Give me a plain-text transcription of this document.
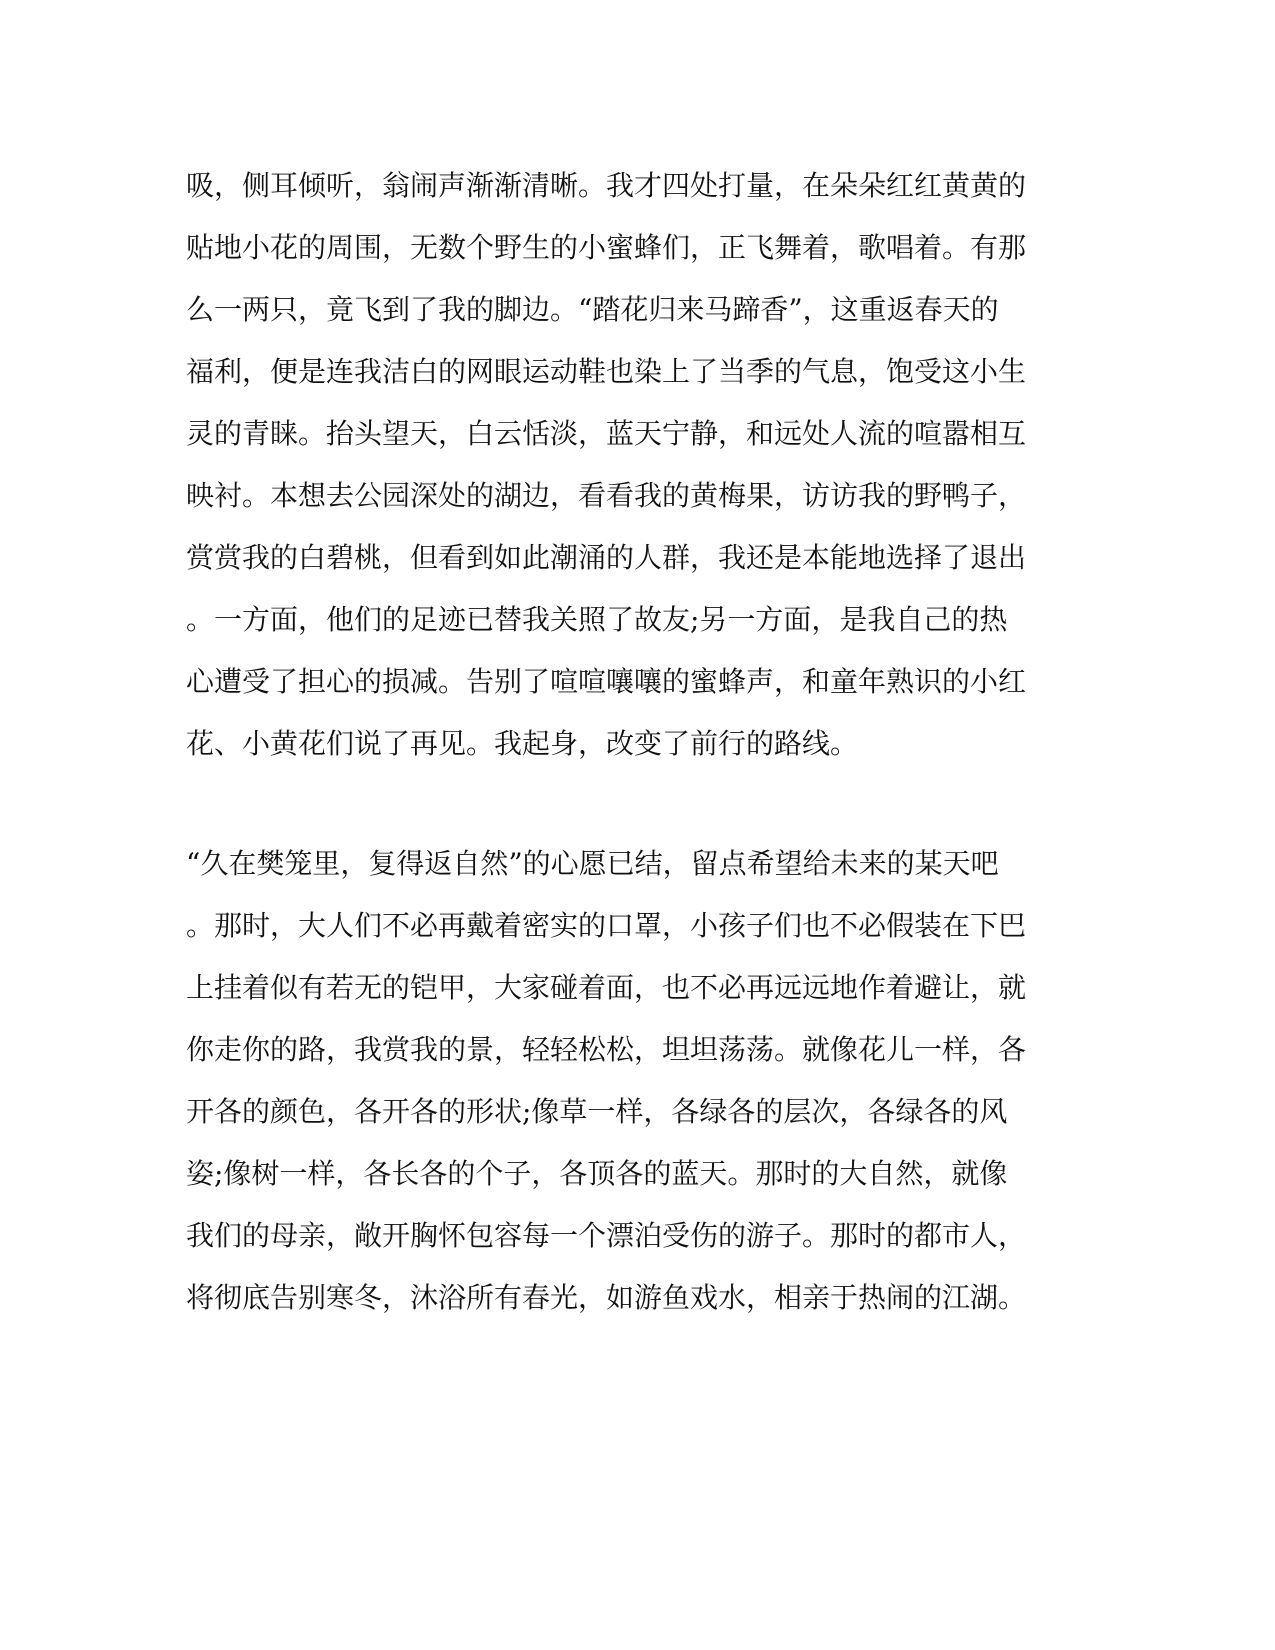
吸，侧耳倾听，翁闹声渐渐清晰。我才四处打量，在朵朵红红黄黄的
贴地小花的周围，无数个野生的小蜜蜂们，正飞舞着，歌唱着。有那
么一两只，竟飞到了我的脚边。“踏花归来马蹄香”，这重返春天的
福利，便是连我洁白的网眼运动鞋也染上了当季的气息，饱受这小生
灵的青睐。抬头望天，白云恬淡，蓝天宁静，和远处人流的喧嚣相互
映衬。本想去公园深处的湖边，看看我的黄梅果，访访我的野鸭子，
赏赏我的白碧桃，但看到如此潮涌的人群，我还是本能地选择了退出
。一方面，他们的足迹已替我关照了故友;另一方面，是我自己的热
心遭受了担心的损减。告别了喧喧嚷嚷的蜜蜂声，和童年熟识的小红
花、小黄花们说了再见。我起身，改变了前行的路线。
“久在樊笼里，复得返自然”的心愿已结，留点希望给未来的某天吧
。那时，大人们不必再戴着密实的口罩，小孩子们也不必假装在下巴
上挂着似有若无的铠甲，大家碰着面，也不必再远远地作着避让，就
你走你的路，我赏我的景，轻轻松松，坦坦荡荡。就像花儿一样，各
开各的颜色，各开各的形状;像草一样，各绿各的层次，各绿各的风
姿;像树一样，各长各的个子，各顶各的蓝天。那时的大自然，就像
我们的母亲，敞开胸怀包容每一个漂泊受伤的游子。那时的都市人，
将彻底告别寒冬，沐浴所有春光，如游鱼戏水，相亲于热闹的江湖。
